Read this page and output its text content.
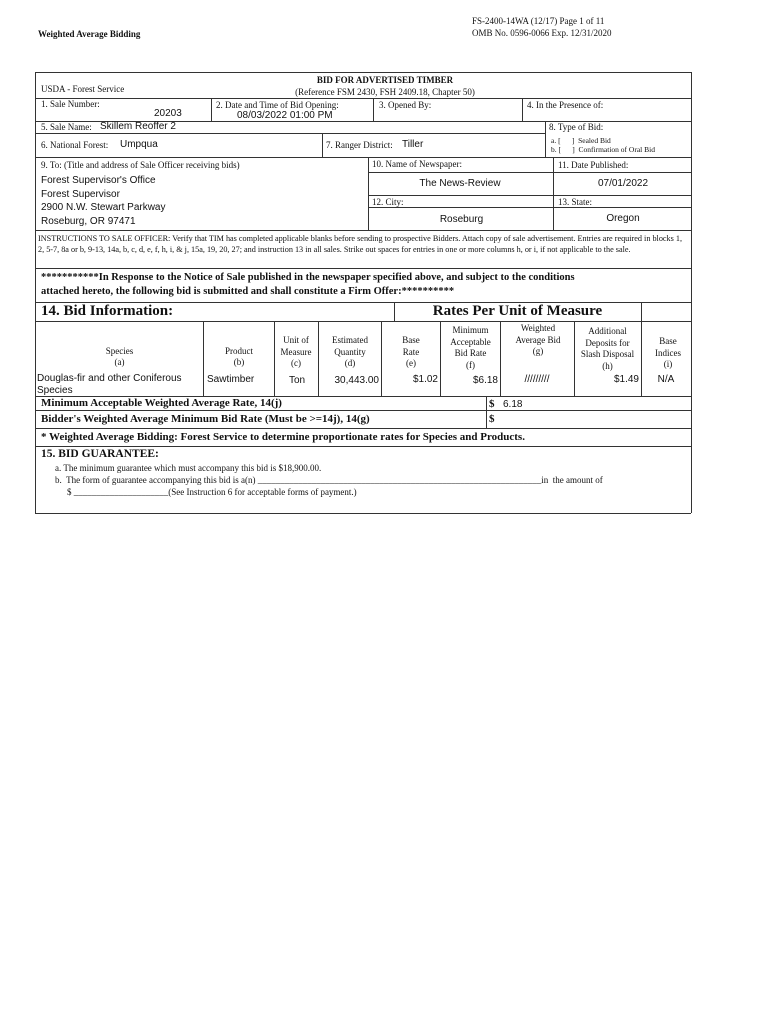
Weighted Average Bidding
FS-2400-14WA (12/17) Page 1 of 11
OMB No. 0596-0066 Exp. 12/31/2020
BID FOR ADVERTISED TIMBER
(Reference FSM 2430, FSH 2409.18, Chapter 50)
USDA - Forest Service
1. Sale Number:
20203
2. Date and Time of Bid Opening:
08/03/2022 01:00 PM
3. Opened By:	4. In the Presence of:
5. Sale Name: Skillem Reoffer 2	8. Type of Bid:
a. [      ]  Sealed Bid
b. [      ]  Confirmation of Oral Bid
6. National Forest: Umpqua	7. Ranger District: Tiller
9. To: (Title and address of Sale Officer receiving bids)
Forest Supervisor's Office
Forest Supervisor
2900 N.W. Stewart Parkway
Roseburg, OR 97471
10. Name of Newspaper:
The News-Review
11. Date Published:
07/01/2022
12. City:
Roseburg
13. State:
Oregon
INSTRUCTIONS TO SALE OFFICER: Verify that TIM has completed applicable blanks before sending to prospective Bidders. Attach copy of sale advertisement. Entries are required in blocks 1, 2, 5-7, 8a or b, 9-13, 14a, b, c, d, e, f, h, i, & j, 15a, 19, 20, 27; and instruction 13 in all sales. Strike out spaces for entries in one or more columns h, or i, if not applicable to the sale.
***********In Response to the Notice of Sale published in the newspaper specified above, and subject to the conditions
attached hereto, the following bid is submitted and shall constitute a Firm Offer:**********
14. Bid Information:	Rates Per Unit of Measure
Species
(a)
Product
(b)
Unit of Measure
(c)
Estimated Quantity
(d)
Base Rate
(e)
Minimum Acceptable Bid Rate
(f)
Weighted Average Bid
(g)
Additional Deposits for Slash Disposal
(h)
Base Indices
(i)
Douglas-fir and other Coniferous Species
Sawtimber	Ton	30,443.00	$1.02	$6.18	/////////	$1.49	N/A
Minimum Acceptable Weighted Average Rate, 14(j)	$ 6.18
Bidder's Weighted Average Minimum Bid Rate (Must be >=14j), 14(g)	$
* Weighted Average Bidding: Forest Service to determine proportionate rates for Species and Products.
15. BID GUARANTEE:
a. The minimum guarantee which must accompany this bid is $18,900.00.
b.  The form of guarantee accompanying this bid is a(n) _______________________________________________________________in  the amount of
$ _____________________(See Instruction 6 for acceptable forms of payment.)
